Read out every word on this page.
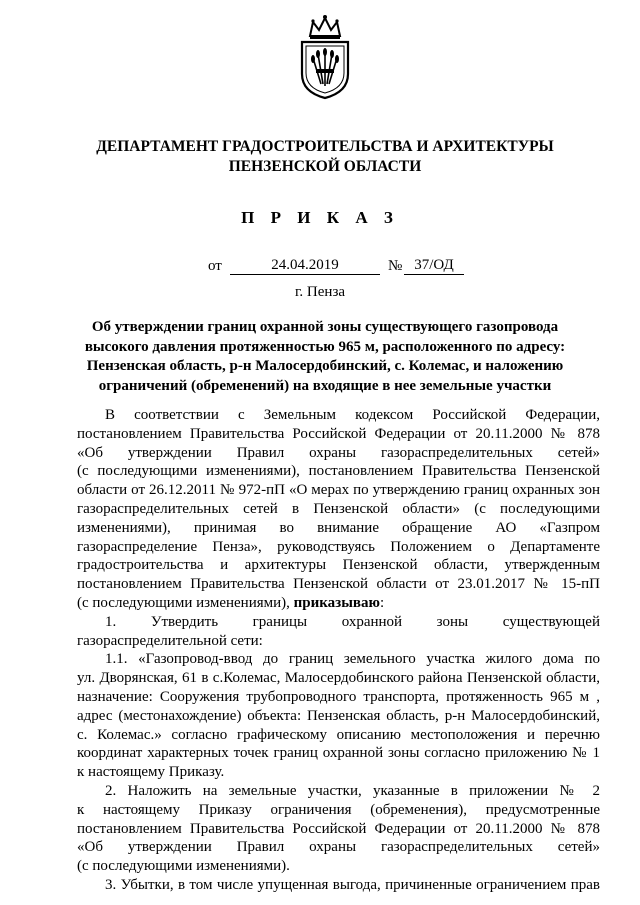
ДЕПАРТАМЕНТ ГРАДОСТРОИТЕЛЬСТВА И АРХИТЕКТУРЫ
ПЕНЗЕНСКОЙ ОБЛАСТИ
П Р И К А З
от	24.04.2019	№ 37/ОД
г. Пенза
Об утверждении границ охранной зоны существующего газопровода
высокого давления протяженностью 965 м, расположенного по адресу:
Пензенская область, р-н Малосердобинский, с. Колемас, и наложению
ограничений (обременений) на входящие в нее земельные участки
В соответствии с Земельным кодексом Российской Федерации,
постановлением Правительства Российской Федерации от 20.11.2000 № 878
«Об утверждении Правил охраны газораспределительных сетей»
(с последующими изменениями), постановлением Правительства Пензенской
области от 26.12.2011 № 972-пП «О мерах по утверждению границ охранных зон
газораспределительных сетей в Пензенской области» (с последующими
изменениями), принимая во внимание обращение АО «Газпром
газораспределение Пенза», руководствуясь Положением о Департаменте
градостроительства и архитектуры Пензенской области, утвержденным
постановлением Правительства Пензенской области от 23.01.2017 № 15-пП
(с последующими изменениями), приказываю:
1. Утвердить границы охранной зоны существующей
газораспределительной сети:
1.1. «Газопровод-ввод до границ земельного участка жилого дома по
ул. Дворянская, 61 в с.Колемас, Малосердобинского района Пензенской области,
назначение: Сооружения трубопроводного транспорта, протяженность 965 м ,
адрес (местонахождение) объекта: Пензенская область, р-н Малосердобинский,
с. Колемас.» согласно графическому описанию местоположения и перечню
координат характерных точек границ охранной зоны согласно приложению № 1
к настоящему Приказу.
2. Наложить на земельные участки, указанные в приложении № 2
к настоящему Приказу ограничения (обременения), предусмотренные
постановлением Правительства Российской Федерации от 20.11.2000 № 878
«Об утверждении Правил охраны газораспределительных сетей»
(с последующими изменениями).
3. Убытки, в том числе упущенная выгода, причиненные ограничением прав
